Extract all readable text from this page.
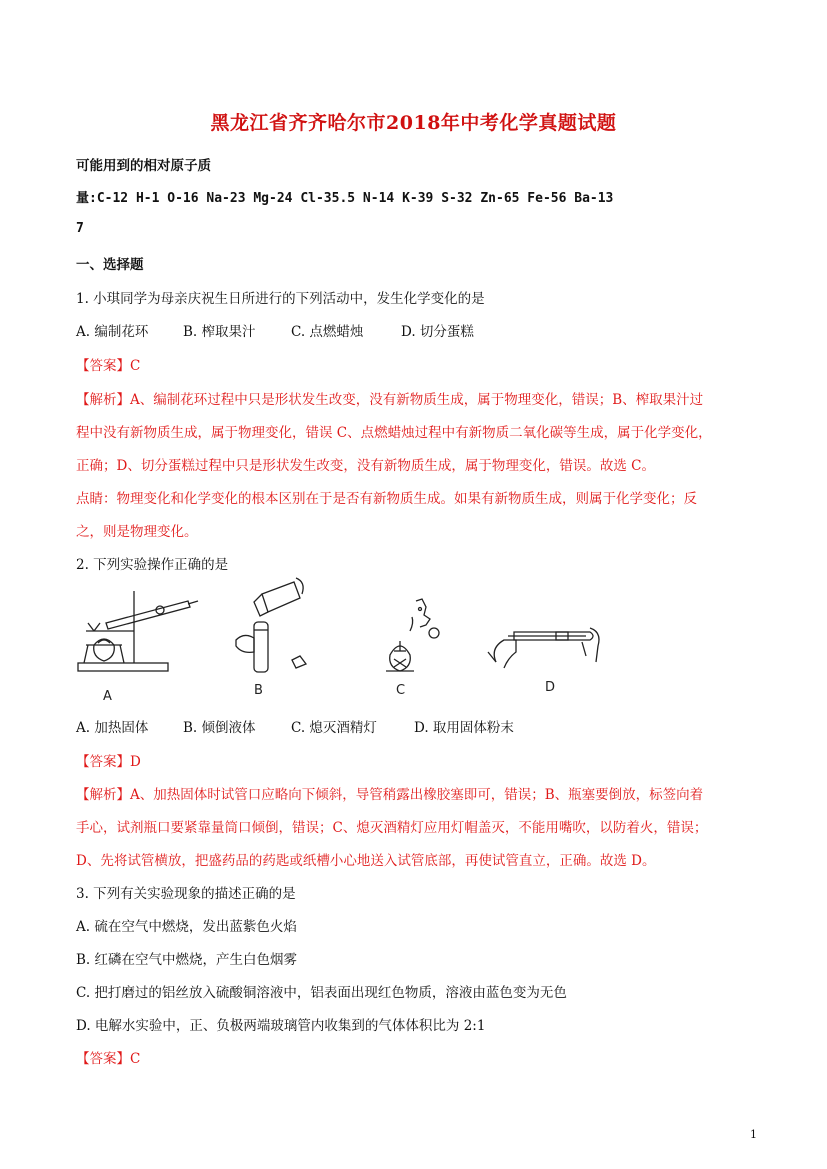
黑龙江省齐齐哈尔市2018年中考化学真题试题
可能用到的相对原子质
量:C-12 H-1 O-16 Na-23 Mg-24 Cl-35.5 N-14 K-39 S-32 Zn-65 Fe-56 Ba-13
7
一、选择题
1. 小琪同学为母亲庆祝生日所进行的下列活动中，发生化学变化的是
A. 编制花环	B. 榨取果汁	C. 点燃蜡烛	D. 切分蛋糕
【答案】C
【解析】A、编制花环过程中只是形状发生改变，没有新物质生成，属于物理变化，错误；B、榨取果汁过
程中没有新物质生成，属于物理变化，错误 C、点燃蜡烛过程中有新物质二氧化碳等生成，属于化学变化，
正确；D、切分蛋糕过程中只是形状发生改变，没有新物质生成，属于物理变化，错误。故选 C。
点睛：物理变化和化学变化的根本区别在于是否有新物质生成。如果有新物质生成，则属于化学变化；反
之，则是物理变化。
2. 下列实验操作正确的是
A	B	C	D
A. 加热固体	B. 倾倒液体	C. 熄灭酒精灯	D. 取用固体粉末
【答案】D
【解析】A、加热固体时试管口应略向下倾斜，导管稍露出橡胶塞即可，错误；B、瓶塞要倒放，标签向着
手心，试剂瓶口要紧靠量筒口倾倒，错误；C、熄灭酒精灯应用灯帽盖灭，不能用嘴吹，以防着火，错误；
D、先将试管横放，把盛药品的药匙或纸槽小心地送入试管底部，再使试管直立，正确。故选 D。
3. 下列有关实验现象的描述正确的是
A. 硫在空气中燃烧，发出蓝紫色火焰
B. 红磷在空气中燃烧，产生白色烟雾
C. 把打磨过的铝丝放入硫酸铜溶液中，铝表面出现红色物质，溶液由蓝色变为无色
D. 电解水实验中，正、负极两端玻璃管内收集到的气体体积比为 2:1
【答案】C
1
